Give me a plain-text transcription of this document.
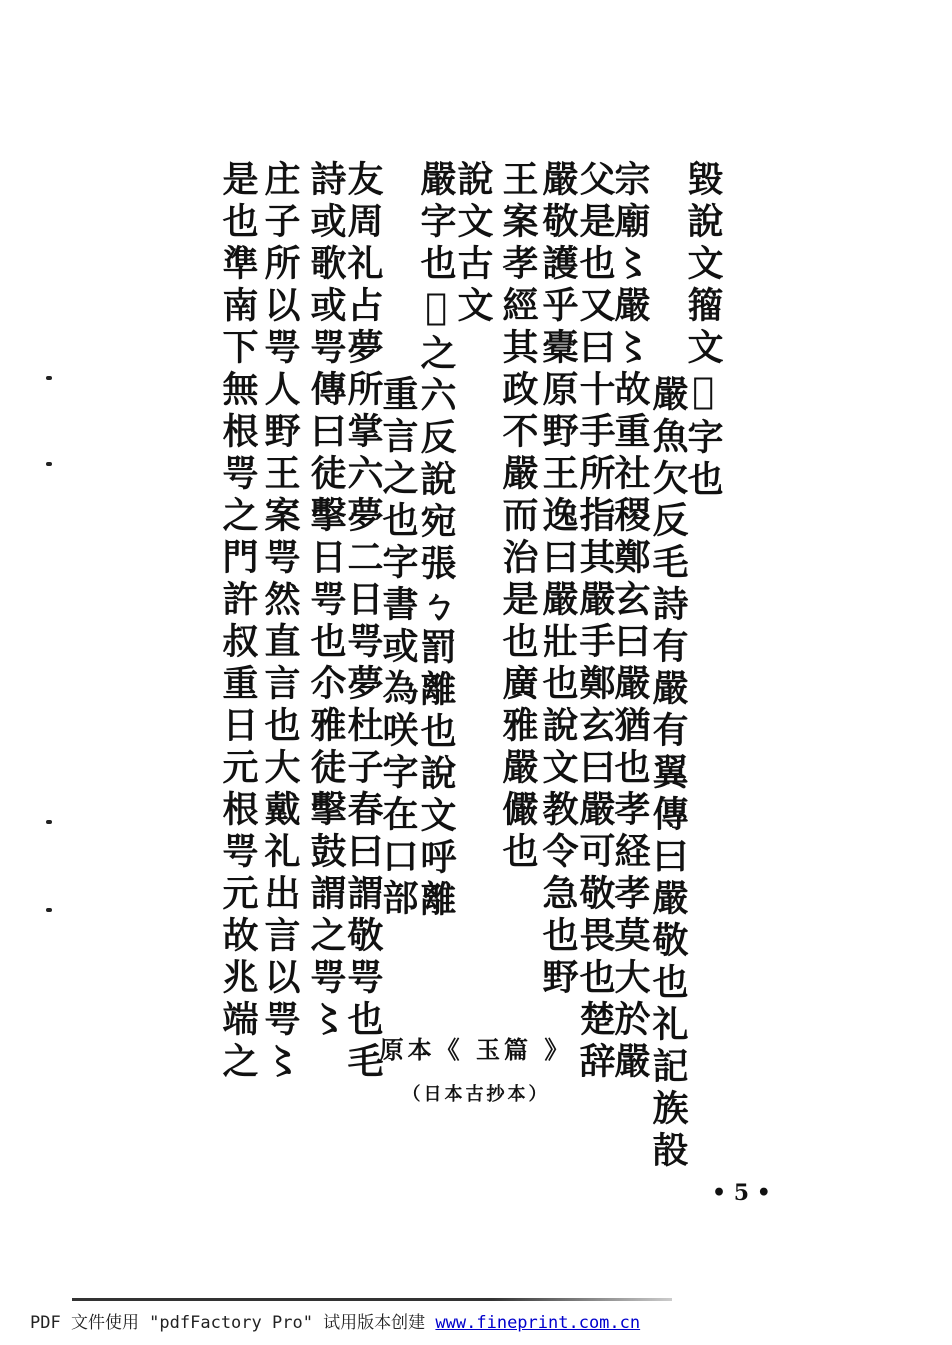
毀說文籀文𣪞字也
嚴魚欠反毛詩有嚴有翼傳曰嚴敬也礼記族㱿
宗廟〻嚴〻故重社稷鄭玄曰嚴猶也孝経孝莫大於嚴
父是也又曰十手所指其嚴手鄭玄曰嚴可敬畏也楚辞
嚴敬護乎橐原野王逸曰嚴壯也說文教令急也野
王案孝經其政不嚴而治是也廣雅嚴儼也
說文古文
嚴字也𠾎之六反說宛張ㄅ罰離也說文呼離
重言之也字書或為咲字在口部
友周礼占夢所掌六夢二日咢夢杜子春曰謂敬咢也毛
詩或歌或咢傳曰徒擊日咢也尒雅徒擊鼓謂之咢〻
庄子所以咢人野王案咢然直言也大戴礼出言以咢〻
是也準南下無根咢之門許叔重日元根咢元故兆端之	原本《 玉篇 》
（日本古抄本）
• 5 •
PDF 文件使用 "pdfFactory Pro" 试用版本创建 www.fineprint.com.cn
